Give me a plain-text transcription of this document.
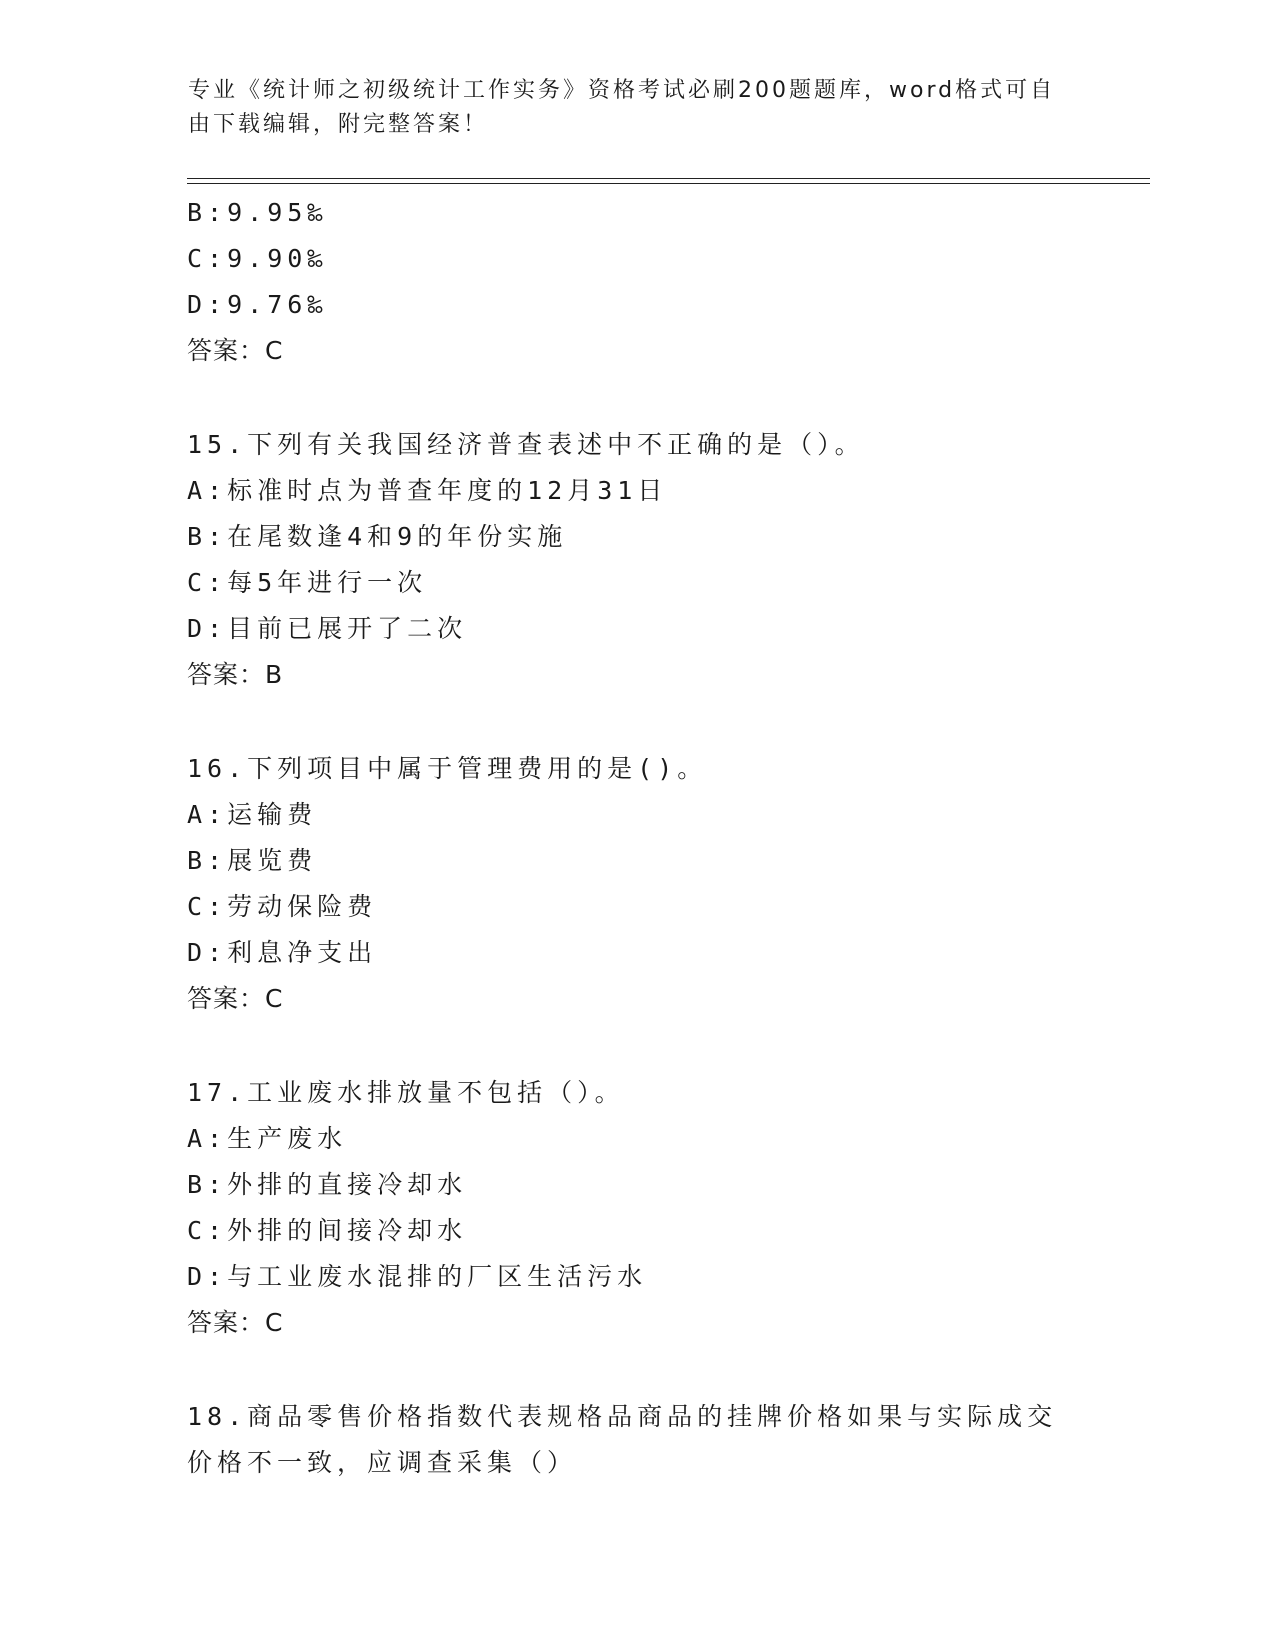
专业《统计师之初级统计工作实务》资格考试必刷200题题库，word格式可自由下载编辑，附完整答案！
B:9.95‰
C:9.90‰
D:9.76‰
答案：C
15.下列有关我国经济普查表述中不正确的是（）。
A:标准时点为普查年度的12月31日
B:在尾数逢4和9的年份实施
C:每5年进行一次
D:目前已展开了二次
答案：B
16.下列项目中属于管理费用的是()。
A:运输费
B:展览费
C:劳动保险费
D:利息净支出
答案：C
17.工业废水排放量不包括（）。
A:生产废水
B:外排的直接冷却水
C:外排的间接冷却水
D:与工业废水混排的厂区生活污水
答案：C
18.商品零售价格指数代表规格品商品的挂牌价格如果与实际成交价格不一致，应调查采集（）
